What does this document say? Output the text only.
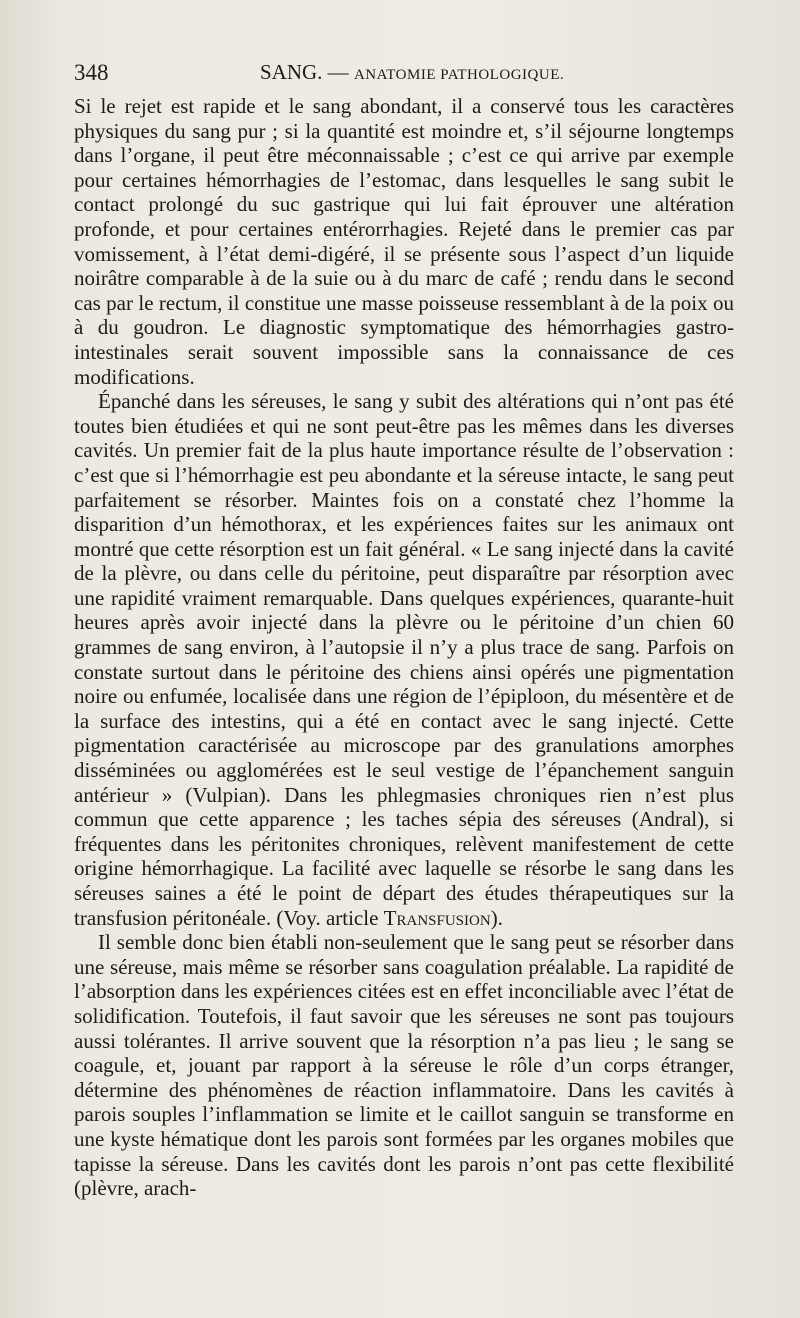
348	SANG. — ANATOMIE PATHOLOGIQUE.

Si le rejet est rapide et le sang abondant, il a conservé tous les caractères physiques du sang pur ; si la quantité est moindre et, s’il séjourne longtemps dans l’organe, il peut être méconnaissable ; c’est ce qui arrive par exemple pour certaines hémorrhagies de l’estomac, dans lesquelles le sang subit le contact prolongé du suc gastrique qui lui fait éprouver une altération profonde, et pour certaines entérorrhagies. Rejeté dans le premier cas par vomissement, à l’état demi-digéré, il se présente sous l’aspect d’un liquide noirâtre comparable à de la suie ou à du marc de café ; rendu dans le second cas par le rectum, il constitue une masse poisseuse ressemblant à de la poix ou à du goudron. Le diagnostic symptomatique des hémorrhagies gastro-intestinales serait souvent impossible sans la connaissance de ces modifications.

Épanché dans les séreuses, le sang y subit des altérations qui n’ont pas été toutes bien étudiées et qui ne sont peut-être pas les mêmes dans les diverses cavités. Un premier fait de la plus haute importance résulte de l’observation : c’est que si l’hémorrhagie est peu abondante et la séreuse intacte, le sang peut parfaitement se résorber. Maintes fois on a constaté chez l’homme la disparition d’un hémothorax, et les expériences faites sur les animaux ont montré que cette résorption est un fait général. « Le sang injecté dans la cavité de la plèvre, ou dans celle du péritoine, peut disparaître par résorption avec une rapidité vraiment remarquable. Dans quelques expériences, quarante-huit heures après avoir injecté dans la plèvre ou le péritoine d’un chien 60 grammes de sang environ, à l’autopsie il n’y a plus trace de sang. Parfois on constate surtout dans le péritoine des chiens ainsi opérés une pigmentation noire ou enfumée, localisée dans une région de l’épiploon, du mésentère et de la surface des intestins, qui a été en contact avec le sang injecté. Cette pigmentation caractérisée au microscope par des granulations amorphes disséminées ou agglomérées est le seul vestige de l’épanchement sanguin antérieur » (Vulpian). Dans les phlegmasies chroniques rien n’est plus commun que cette apparence ; les taches sépia des séreuses (Andral), si fréquentes dans les péritonites chroniques, relèvent manifestement de cette origine hémorrhagique. La facilité avec laquelle se résorbe le sang dans les séreuses saines a été le point de départ des études thérapeutiques sur la transfusion péritonéale. (Voy. article Transfusion).

Il semble donc bien établi non-seulement que le sang peut se résorber dans une séreuse, mais même se résorber sans coagulation préalable. La rapidité de l’absorption dans les expériences citées est en effet inconciliable avec l’état de solidification. Toutefois, il faut savoir que les séreuses ne sont pas toujours aussi tolérantes. Il arrive souvent que la résorption n’a pas lieu ; le sang se coagule, et, jouant par rapport à la séreuse le rôle d’un corps étranger, détermine des phénomènes de réaction inflammatoire. Dans les cavités à parois souples l’inflammation se limite et le caillot sanguin se transforme en une kyste hématique dont les parois sont formées par les organes mobiles que tapisse la séreuse. Dans les cavités dont les parois n’ont pas cette flexibilité (plèvre, arach-
